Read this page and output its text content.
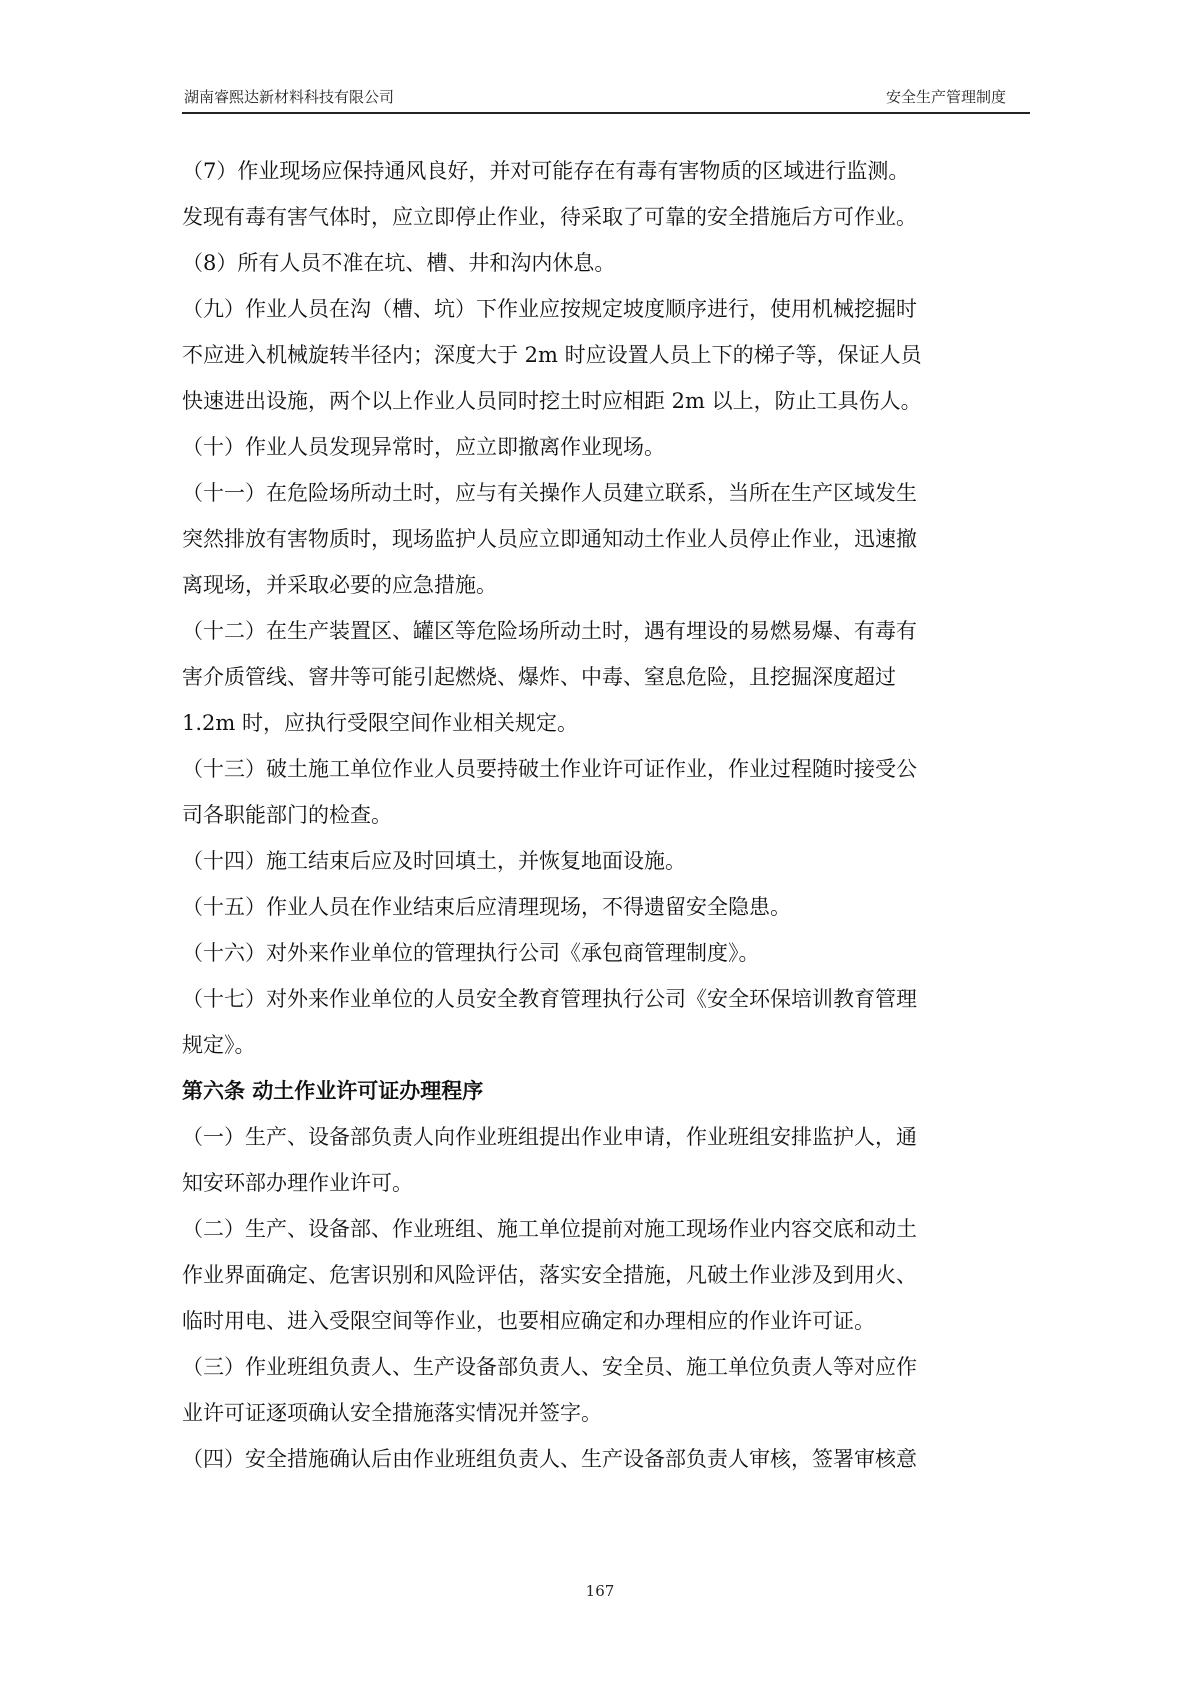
湖南睿熙达新材料科技有限公司	安全生产管理制度

（7）作业现场应保持通风良好，并对可能存在有毒有害物质的区域进行监测。

发现有毒有害气体时，应立即停止作业，待采取了可靠的安全措施后方可作业。

（8）所有人员不准在坑、槽、井和沟内休息。

（九）作业人员在沟（槽、坑）下作业应按规定坡度顺序进行，使用机械挖掘时

不应进入机械旋转半径内；深度大于 2m 时应设置人员上下的梯子等，保证人员

快速进出设施，两个以上作业人员同时挖土时应相距 2m 以上，防止工具伤人。

（十）作业人员发现异常时，应立即撤离作业现场。

（十一）在危险场所动土时，应与有关操作人员建立联系，当所在生产区域发生

突然排放有害物质时，现场监护人员应立即通知动土作业人员停止作业，迅速撤

离现场，并采取必要的应急措施。

（十二）在生产装置区、罐区等危险场所动土时，遇有埋设的易燃易爆、有毒有

害介质管线、窨井等可能引起燃烧、爆炸、中毒、窒息危险，且挖掘深度超过

1.2m 时，应执行受限空间作业相关规定。

（十三）破土施工单位作业人员要持破土作业许可证作业，作业过程随时接受公

司各职能部门的检查。

（十四）施工结束后应及时回填土，并恢复地面设施。

（十五）作业人员在作业结束后应清理现场，不得遗留安全隐患。

（十六）对外来作业单位的管理执行公司《承包商管理制度》。

（十七）对外来作业单位的人员安全教育管理执行公司《安全环保培训教育管理

规定》。

第六条 动土作业许可证办理程序

（一）生产、设备部负责人向作业班组提出作业申请，作业班组安排监护人，通

知安环部办理作业许可。

（二）生产、设备部、作业班组、施工单位提前对施工现场作业内容交底和动土

作业界面确定、危害识别和风险评估，落实安全措施，凡破土作业涉及到用火、

临时用电、进入受限空间等作业，也要相应确定和办理相应的作业许可证。

（三）作业班组负责人、生产设备部负责人、安全员、施工单位负责人等对应作

业许可证逐项确认安全措施落实情况并签字。

（四）安全措施确认后由作业班组负责人、生产设备部负责人审核，签署审核意

167
